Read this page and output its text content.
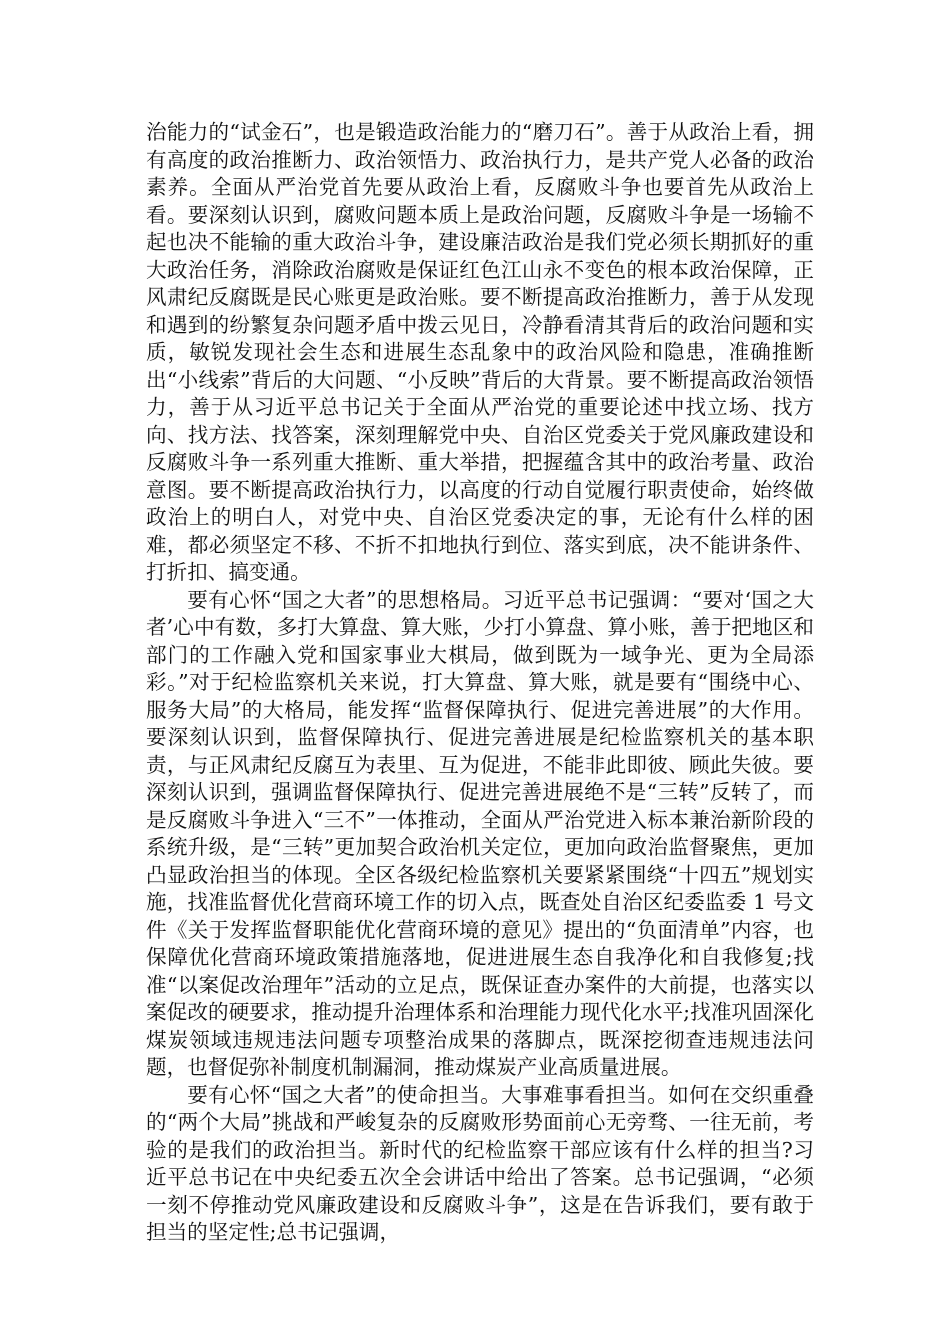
治能力的“试金石”，也是锻造政治能力的“磨刀石”。善于从政治上看，拥有高度的政治推断力、政治领悟力、政治执行力，是共产党人必备的政治素养。全面从严治党首先要从政治上看，反腐败斗争也要首先从政治上看。要深刻认识到，腐败问题本质上是政治问题，反腐败斗争是一场输不起也决不能输的重大政治斗争，建设廉洁政治是我们党必须长期抓好的重大政治任务，消除政治腐败是保证红色江山永不变色的根本政治保障，正风肃纪反腐既是民心账更是政治账。要不断提高政治推断力，善于从发现和遇到的纷繁复杂问题矛盾中拨云见日，冷静看清其背后的政治问题和实质，敏锐发现社会生态和进展生态乱象中的政治风险和隐患，准确推断出“小线索”背后的大问题、“小反映”背后的大背景。要不断提高政治领悟力，善于从习近平总书记关于全面从严治党的重要论述中找立场、找方向、找方法、找答案，深刻理解党中央、自治区党委关于党风廉政建设和反腐败斗争一系列重大推断、重大举措，把握蕴含其中的政治考量、政治意图。要不断提高政治执行力，以高度的行动自觉履行职责使命，始终做政治上的明白人，对党中央、自治区党委决定的事，无论有什么样的困难，都必须坚定不移、不折不扣地执行到位、落实到底，决不能讲条件、打折扣、搞变通。

要有心怀“国之大者”的思想格局。习近平总书记强调：“要对‘国之大者’心中有数，多打大算盘、算大账，少打小算盘、算小账，善于把地区和部门的工作融入党和国家事业大棋局，做到既为一域争光、更为全局添彩。”对于纪检监察机关来说，打大算盘、算大账，就是要有“围绕中心、服务大局”的大格局，能发挥“监督保障执行、促进完善进展”的大作用。要深刻认识到，监督保障执行、促进完善进展是纪检监察机关的基本职责，与正风肃纪反腐互为表里、互为促进，不能非此即彼、顾此失彼。要深刻认识到，强调监督保障执行、促进完善进展绝不是“三转”反转了，而是反腐败斗争进入“三不”一体推动，全面从严治党进入标本兼治新阶段的系统升级，是“三转”更加契合政治机关定位，更加向政治监督聚焦，更加凸显政治担当的体现。全区各级纪检监察机关要紧紧围绕“十四五”规划实施，找准监督优化营商环境工作的切入点，既查处自治区纪委监委 1 号文件《关于发挥监督职能优化营商环境的意见》提出的“负面清单”内容，也保障优化营商环境政策措施落地，促进进展生态自我净化和自我修复;找准“以案促改治理年”活动的立足点，既保证查办案件的大前提，也落实以案促改的硬要求，推动提升治理体系和治理能力现代化水平;找准巩固深化煤炭领域违规违法问题专项整治成果的落脚点，既深挖彻查违规违法问题，也督促弥补制度机制漏洞，推动煤炭产业高质量进展。

要有心怀“国之大者”的使命担当。大事难事看担当。如何在交织重叠的“两个大局”挑战和严峻复杂的反腐败形势面前心无旁骛、一往无前，考验的是我们的政治担当。新时代的纪检监察干部应该有什么样的担当?习近平总书记在中央纪委五次全会讲话中给出了答案。总书记强调，“必须一刻不停推动党风廉政建设和反腐败斗争”，这是在告诉我们，要有敢于担当的坚定性;总书记强调，
